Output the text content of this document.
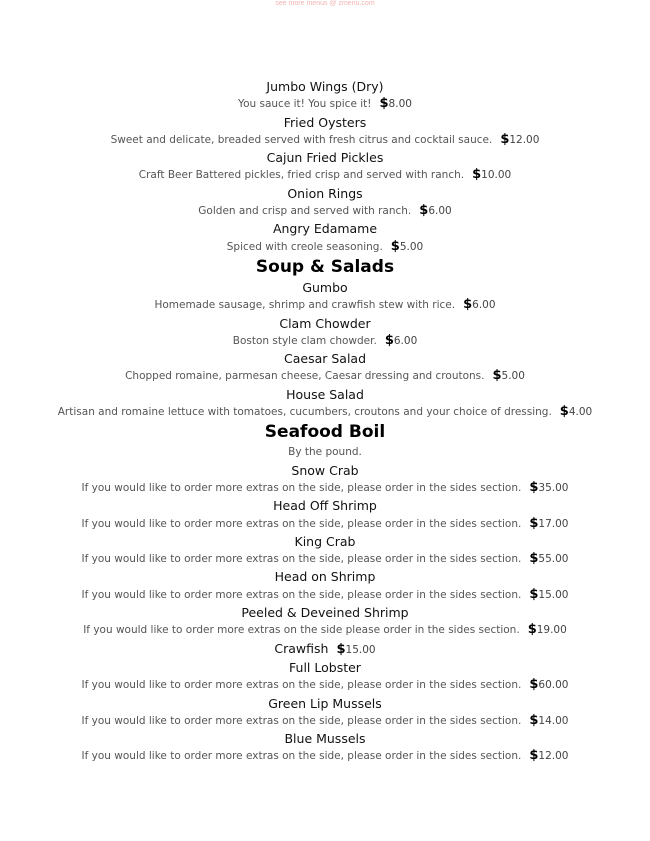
see more menus @ zmenu.com
Jumbo Wings (Dry)
You sauce it! You spice it! $8.00
Fried Oysters
Sweet and delicate, breaded served with fresh citrus and cocktail sauce. $12.00
Cajun Fried Pickles
Craft Beer Battered pickles, fried crisp and served with ranch. $10.00
Onion Rings
Golden and crisp and served with ranch. $6.00
Angry Edamame
Spiced with creole seasoning. $5.00
Soup & Salads
Gumbo
Homemade sausage, shrimp and crawfish stew with rice. $6.00
Clam Chowder
Boston style clam chowder. $6.00
Caesar Salad
Chopped romaine, parmesan cheese, Caesar dressing and croutons. $5.00
House Salad
Artisan and romaine lettuce with tomatoes, cucumbers, croutons and your choice of dressing. $4.00
Seafood Boil
By the pound.
Snow Crab
If you would like to order more extras on the side, please order in the sides section. $35.00
Head Off Shrimp
If you would like to order more extras on the side, please order in the sides section. $17.00
King Crab
If you would like to order more extras on the side, please order in the sides section. $55.00
Head on Shrimp
If you would like to order more extras on the side, please order in the sides section. $15.00
Peeled & Deveined Shrimp
If you would like to order more extras on the side please order in the sides section. $19.00
Crawfish $15.00
Full Lobster
If you would like to order more extras on the side, please order in the sides section. $60.00
Green Lip Mussels
If you would like to order more extras on the side, please order in the sides section. $14.00
Blue Mussels
If you would like to order more extras on the side, please order in the sides section. $12.00
